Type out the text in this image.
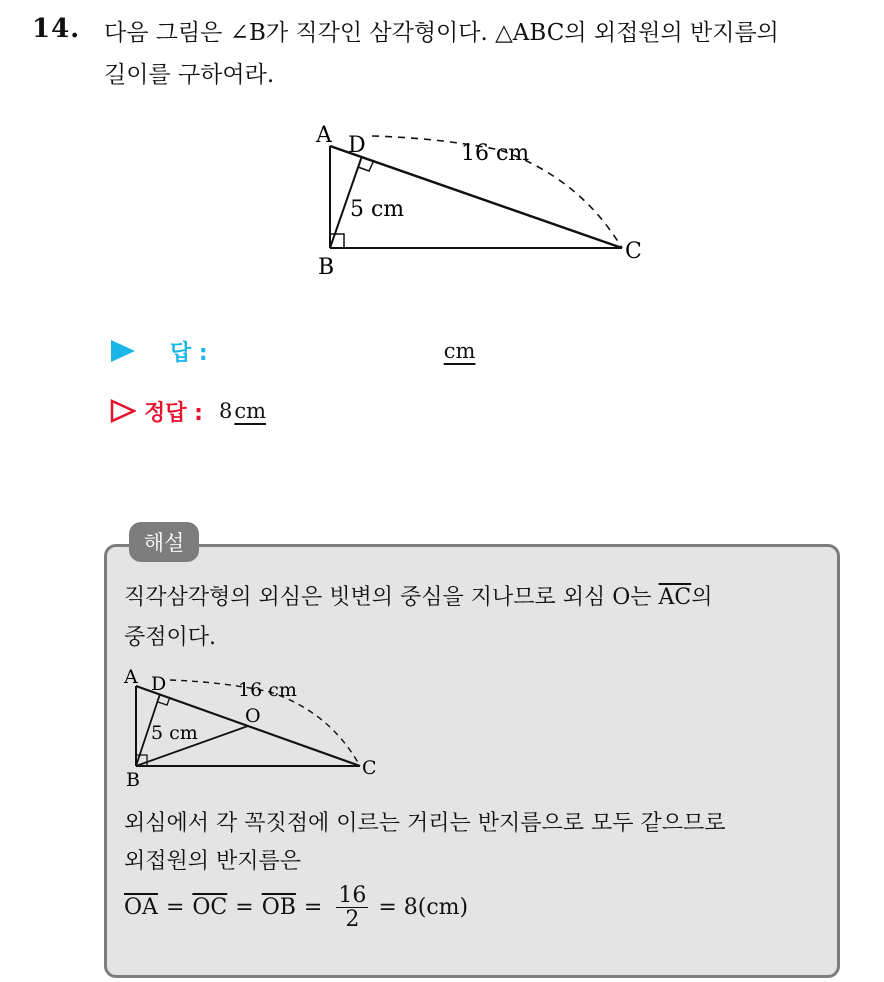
14. 다음 그림은 ∠B가 직각인 삼각형이다. △ABC의 외접원의 반지름의
길이를 구하여라.
A D
B
C
16 cm
5 cm
답 :	cm
정답 : 8 cm
해설
직각삼각형의 외심은 빗변의 중심을 지나므로 외심 O는 $\overline{AC}$의
중점이다.
A D	16 cm
O
5 cm
B
C
외심에서 각 꼭짓점에 이르는 거리는 반지름으로 모두 같으므로
외접원의 반지름은
$\overline{OA} = \overline{OC} = \overline{OB} = \frac{16}{2} = 8(cm)$
